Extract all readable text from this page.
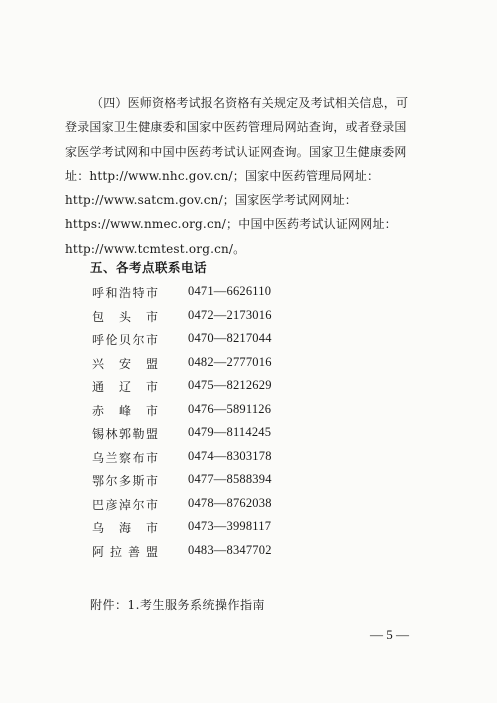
（四）医师资格考试报名资格有关规定及考试相关信息，可
登录国家卫生健康委和国家中医药管理局网站查询，或者登录国
家医学考试网和中国中医药考试认证网查询。国家卫生健康委网
址：http://www.nhc.gov.cn/；国家中医药管理局网址：
http://www.satcm.gov.cn/；国家医学考试网网址：
https://www.nmec.org.cn/；中国中医药考试认证网网址：
http://www.tcmtest.org.cn/。
五、各考点联系电话
呼 和 浩 特 市 0471—6626110
包 头 市 0472—2173016
呼 伦 贝 尔 市 0470—8217044
兴 安 盟 0482—2777016
通 辽 市 0475—8212629
赤 峰 市 0476—5891126
锡 林 郭 勒 盟 0479—8114245
乌 兰 察 布 市 0474—8303178
鄂 尔 多 斯 市 0477—8588394
巴 彦 淖 尔 市 0478—8762038
乌 海 市 0473—3998117
阿 拉 善 盟 0483—8347702
附件：1.考生服务系统操作指南
— 5 —
